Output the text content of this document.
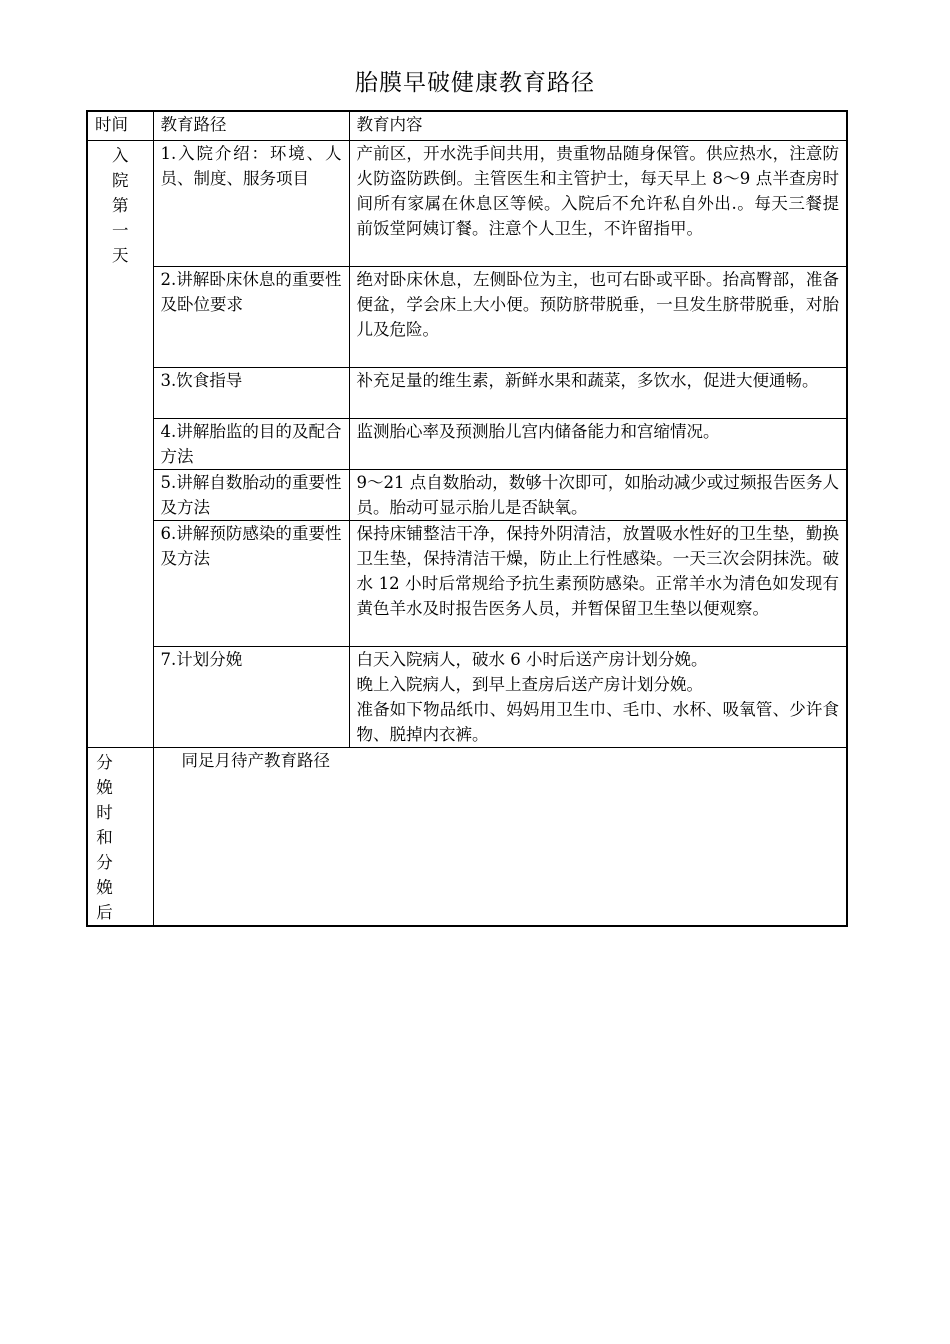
胎膜早破健康教育路径
时间	教育路径	教育内容

入院第一天	1.入院介绍：环境、人员、制度、服务项目	产前区，开水洗手间共用，贵重物品随身保管。供应热水，注意防火防盗防跌倒。主管医生和主管护士，每天早上 8～9 点半查房时间所有家属在休息区等候。入院后不允许私自外出.。每天三餐提前饭堂阿姨订餐。注意个人卫生，不许留指甲。

	2.讲解卧床休息的重要性及卧位要求	绝对卧床休息，左侧卧位为主，也可右卧或平卧。抬高臀部，准备便盆，学会床上大小便。预防脐带脱垂，一旦发生脐带脱垂，对胎儿及危险。

	3.饮食指导	补充足量的维生素，新鲜水果和蔬菜，多饮水，促进大便通畅。

	4.讲解胎监的目的及配合方法	监测胎心率及预测胎儿宫内储备能力和宫缩情况。

	5.讲解自数胎动的重要性及方法	9～21 点自数胎动，数够十次即可，如胎动减少或过频报告医务人员。胎动可显示胎儿是否缺氧。

	6.讲解预防感染的重要性及方法	保持床铺整洁干净，保持外阴清洁，放置吸水性好的卫生垫，勤换卫生垫，保持清洁干燥，防止上行性感染。一天三次会阴抹洗。破水 12 小时后常规给予抗生素预防感染。正常羊水为清色如发现有黄色羊水及时报告医务人员，并暂保留卫生垫以便观察。

	7.计划分娩	白天入院病人，破水 6 小时后送产房计划分娩。
晚上入院病人，到早上查房后送产房计划分娩。
准备如下物品纸巾、妈妈用卫生巾、毛巾、水杯、吸氧管、少许食物、脱掉内衣裤。

分娩时和分娩后	同足月待产教育路径	
